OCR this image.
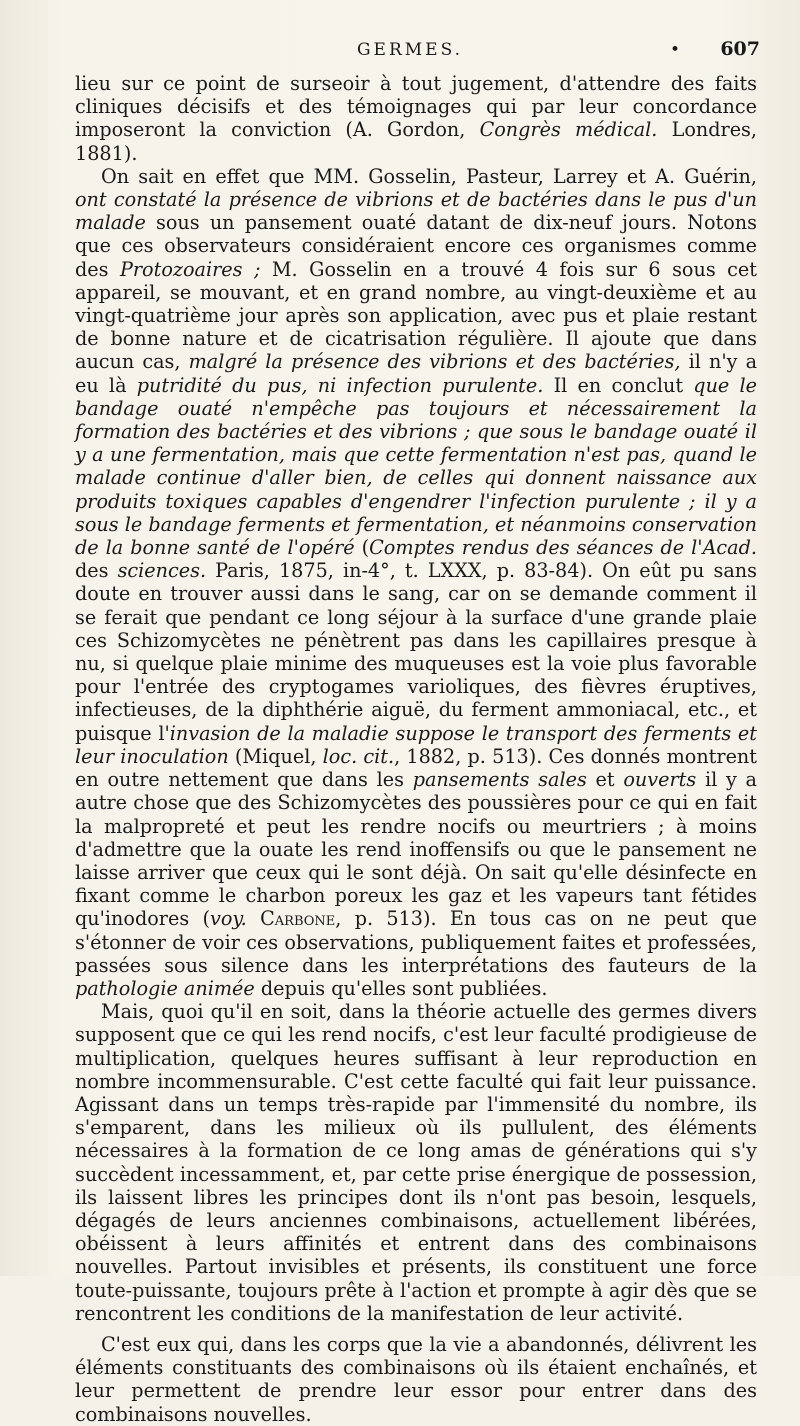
GERMES.	• 607

lieu sur ce point de surseoir à tout jugement, d'attendre des faits cliniques décisifs et des témoignages qui par leur concordance imposeront la conviction (A. Gordon, Congrès médical. Londres, 1881).

On sait en effet que MM. Gosselin, Pasteur, Larrey et A. Guérin, ont constaté la présence de vibrions et de bactéries dans le pus d'un malade sous un pansement ouaté datant de dix-neuf jours. Notons que ces observateurs considéraient encore ces organismes comme des Protozoaires ; M. Gosselin en a trouvé 4 fois sur 6 sous cet appareil, se mouvant, et en grand nombre, au vingt-deuxième et au vingt-quatrième jour après son application, avec pus et plaie restant de bonne nature et de cicatrisation régulière. Il ajoute que dans aucun cas, malgré la présence des vibrions et des bactéries, il n'y a eu là putridité du pus, ni infection purulente. Il en conclut que le bandage ouaté n'empêche pas toujours et nécessairement la formation des bactéries et des vibrions ; que sous le bandage ouaté il y a une fermentation, mais que cette fermentation n'est pas, quand le malade continue d'aller bien, de celles qui donnent naissance aux produits toxiques capables d'engendrer l'infection purulente ; il y a sous le bandage ferments et fermentation, et néanmoins conservation de la bonne santé de l'opéré (Comptes rendus des séances de l'Acad. des sciences. Paris, 1875, in-4°, t. LXXX, p. 83-84). On eût pu sans doute en trouver aussi dans le sang, car on se demande comment il se ferait que pendant ce long séjour à la surface d'une grande plaie ces Schizomycètes ne pénètrent pas dans les capillaires presque à nu, si quelque plaie minime des muqueuses est la voie plus favorable pour l'entrée des cryptogames varioliques, des fièvres éruptives, infectieuses, de la diphthérie aiguë, du ferment ammoniacal, etc., et puisque l'invasion de la maladie suppose le transport des ferments et leur inoculation (Miquel, loc. cit., 1882, p. 513). Ces donnés montrent en outre nettement que dans les pansements sales et ouverts il y a autre chose que des Schizomycètes des poussières pour ce qui en fait la malpropreté et peut les rendre nocifs ou meurtriers ; à moins d'admettre que la ouate les rend inoffensifs ou que le pansement ne laisse arriver que ceux qui le sont déjà. On sait qu'elle désinfecte en fixant comme le charbon poreux les gaz et les vapeurs tant fétides qu'inodores (voy. Carbone, p. 513). En tous cas on ne peut que s'étonner de voir ces observations, publiquement faites et professées, passées sous silence dans les interprétations des fauteurs de la pathologie animée depuis qu'elles sont publiées.

Mais, quoi qu'il en soit, dans la théorie actuelle des germes divers supposent que ce qui les rend nocifs, c'est leur faculté prodigieuse de multiplication, quelques heures suffisant à leur reproduction en nombre incommensurable. C'est cette faculté qui fait leur puissance. Agissant dans un temps très-rapide par l'immensité du nombre, ils s'emparent, dans les milieux où ils pullulent, des éléments nécessaires à la formation de ce long amas de générations qui s'y succèdent incessamment, et, par cette prise énergique de possession, ils laissent libres les principes dont ils n'ont pas besoin, lesquels, dégagés de leurs anciennes combinaisons, actuellement libérées, obéissent à leurs affinités et entrent dans des combinaisons nouvelles. Partout invisibles et présents, ils constituent une force toute-puissante, toujours prête à l'action et prompte à agir dès que se rencontrent les conditions de la manifestation de leur activité.

C'est eux qui, dans les corps que la vie a abandonnés, délivrent les éléments constituants des combinaisons où ils étaient enchaînés, et leur permettent de prendre leur essor pour entrer dans des combinaisons nouvelles.
